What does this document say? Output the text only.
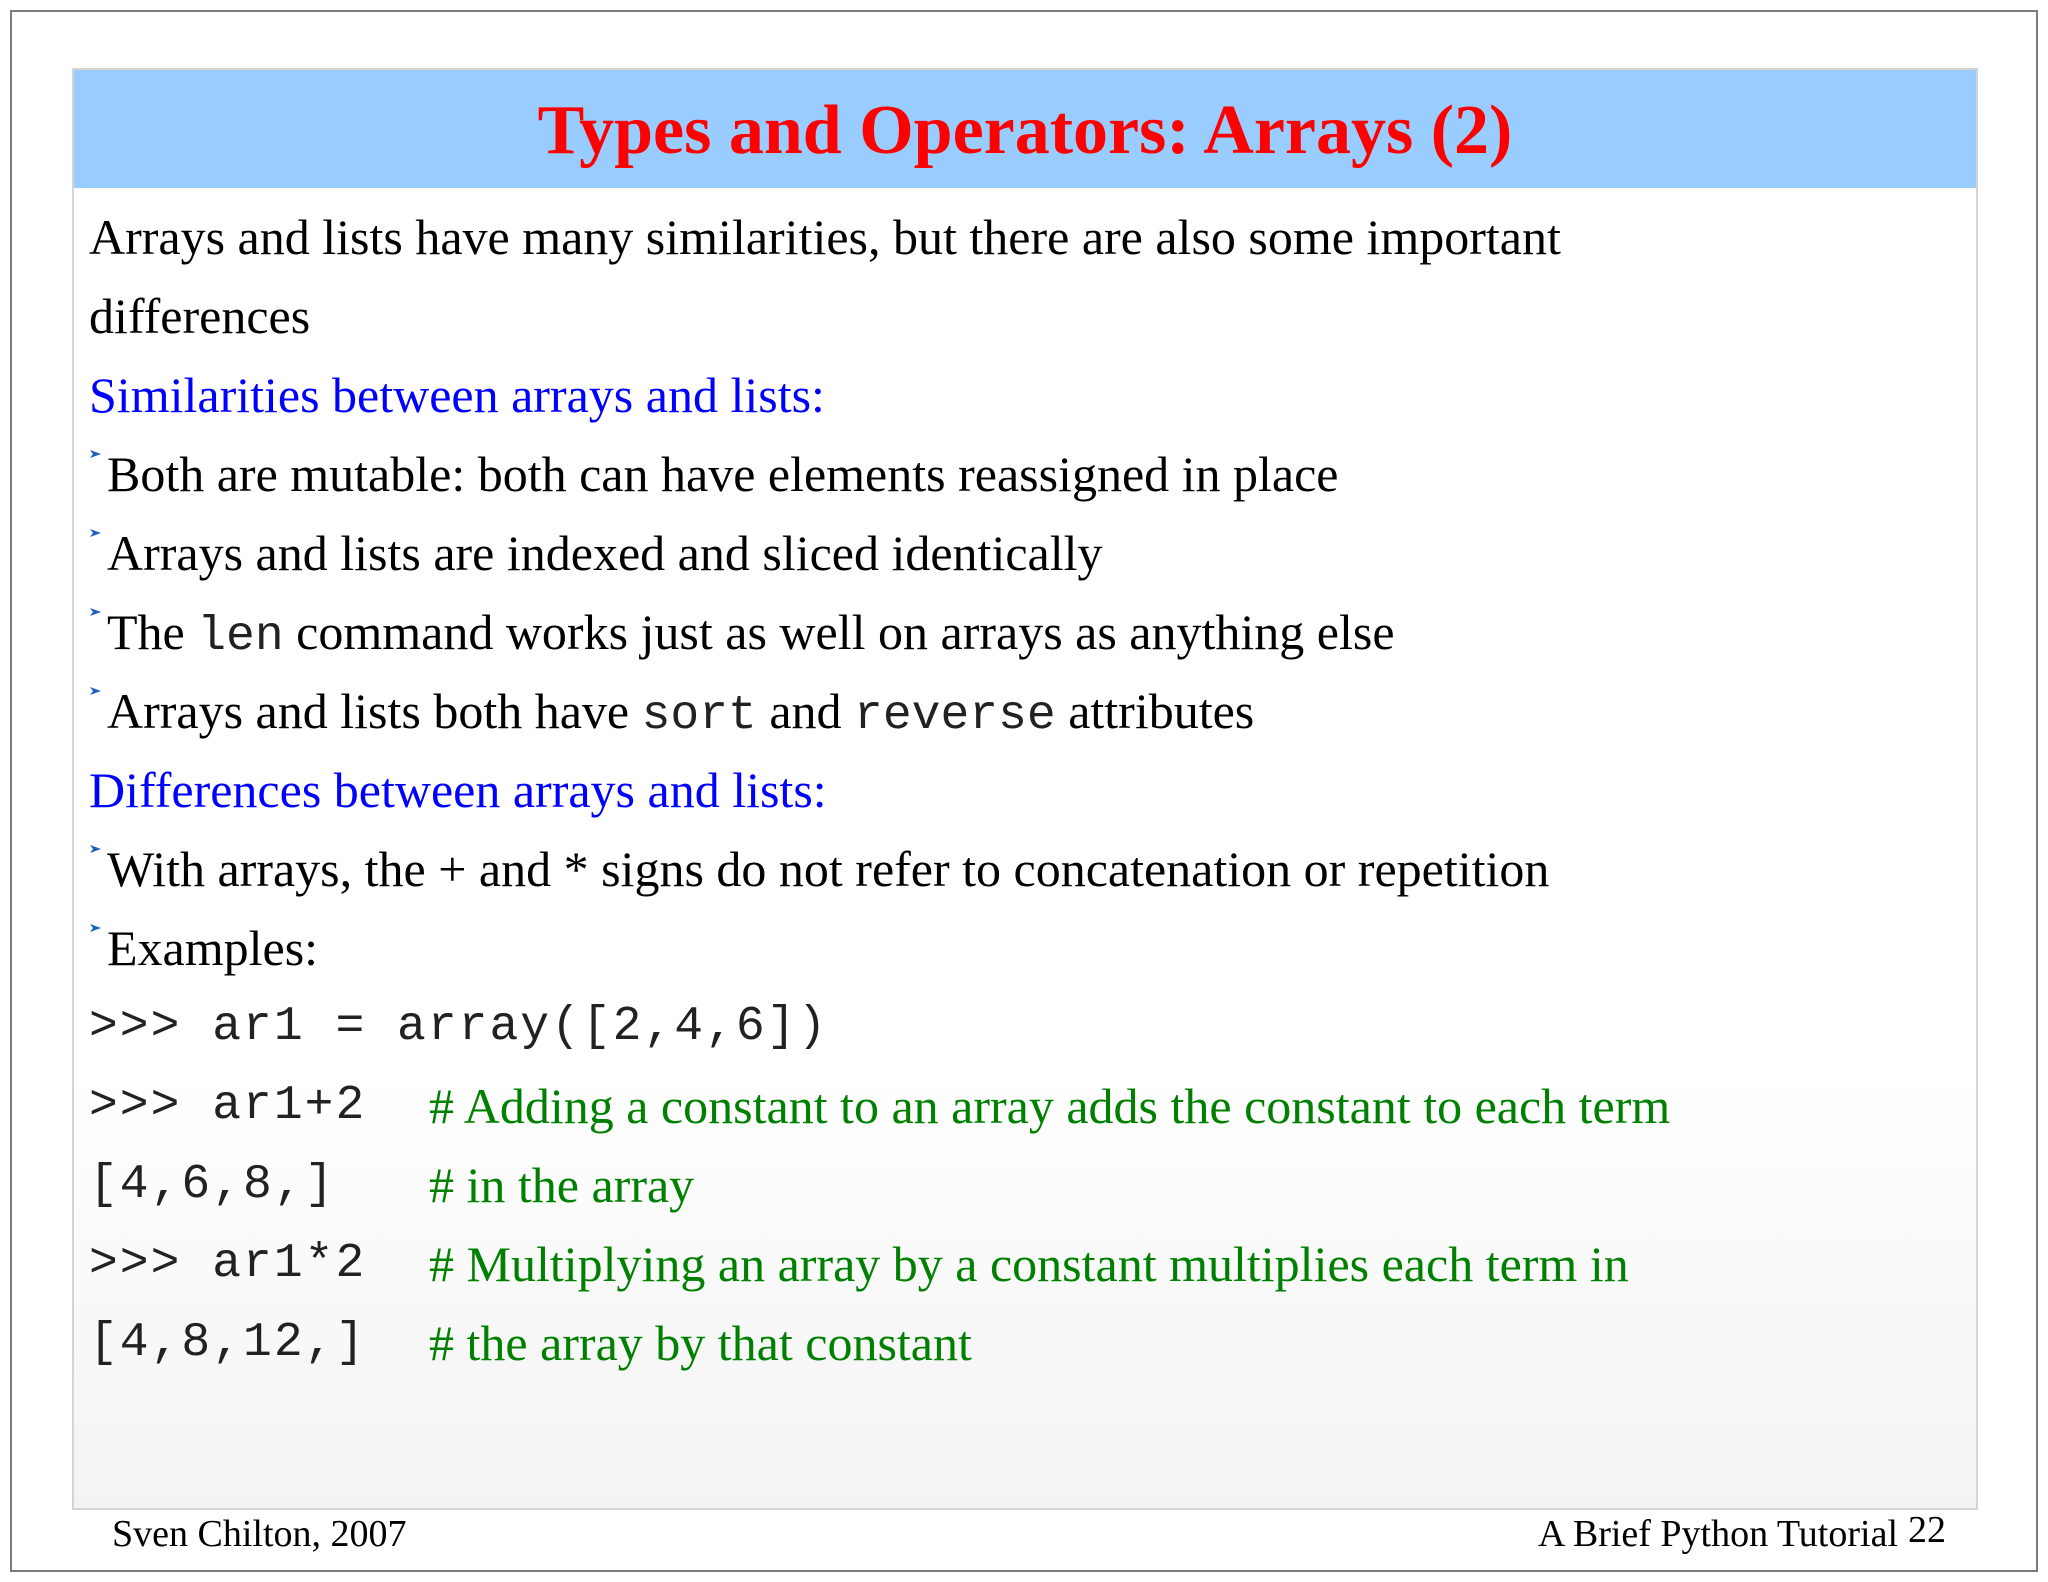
Types and Operators: Arrays (2)
Arrays and lists have many similarities, but there are also some important
differences
Similarities between arrays and lists:
Both are mutable: both can have elements reassigned in place
Arrays and lists are indexed and sliced identically
The len command works just as well on arrays as anything else
Arrays and lists both have sort and reverse attributes
Differences between arrays and lists:
With arrays, the + and * signs do not refer to concatenation or repetition
Examples:
>>> ar1 = array([2,4,6])
>>> ar1+2 # Adding a constant to an array adds the constant to each term
[4,6,8,] # in the array
>>> ar1*2 # Multiplying an array by a constant multiplies each term in
[4,8,12,] # the array by that constant
Sven Chilton, 2007	A Brief Python Tutorial 22
